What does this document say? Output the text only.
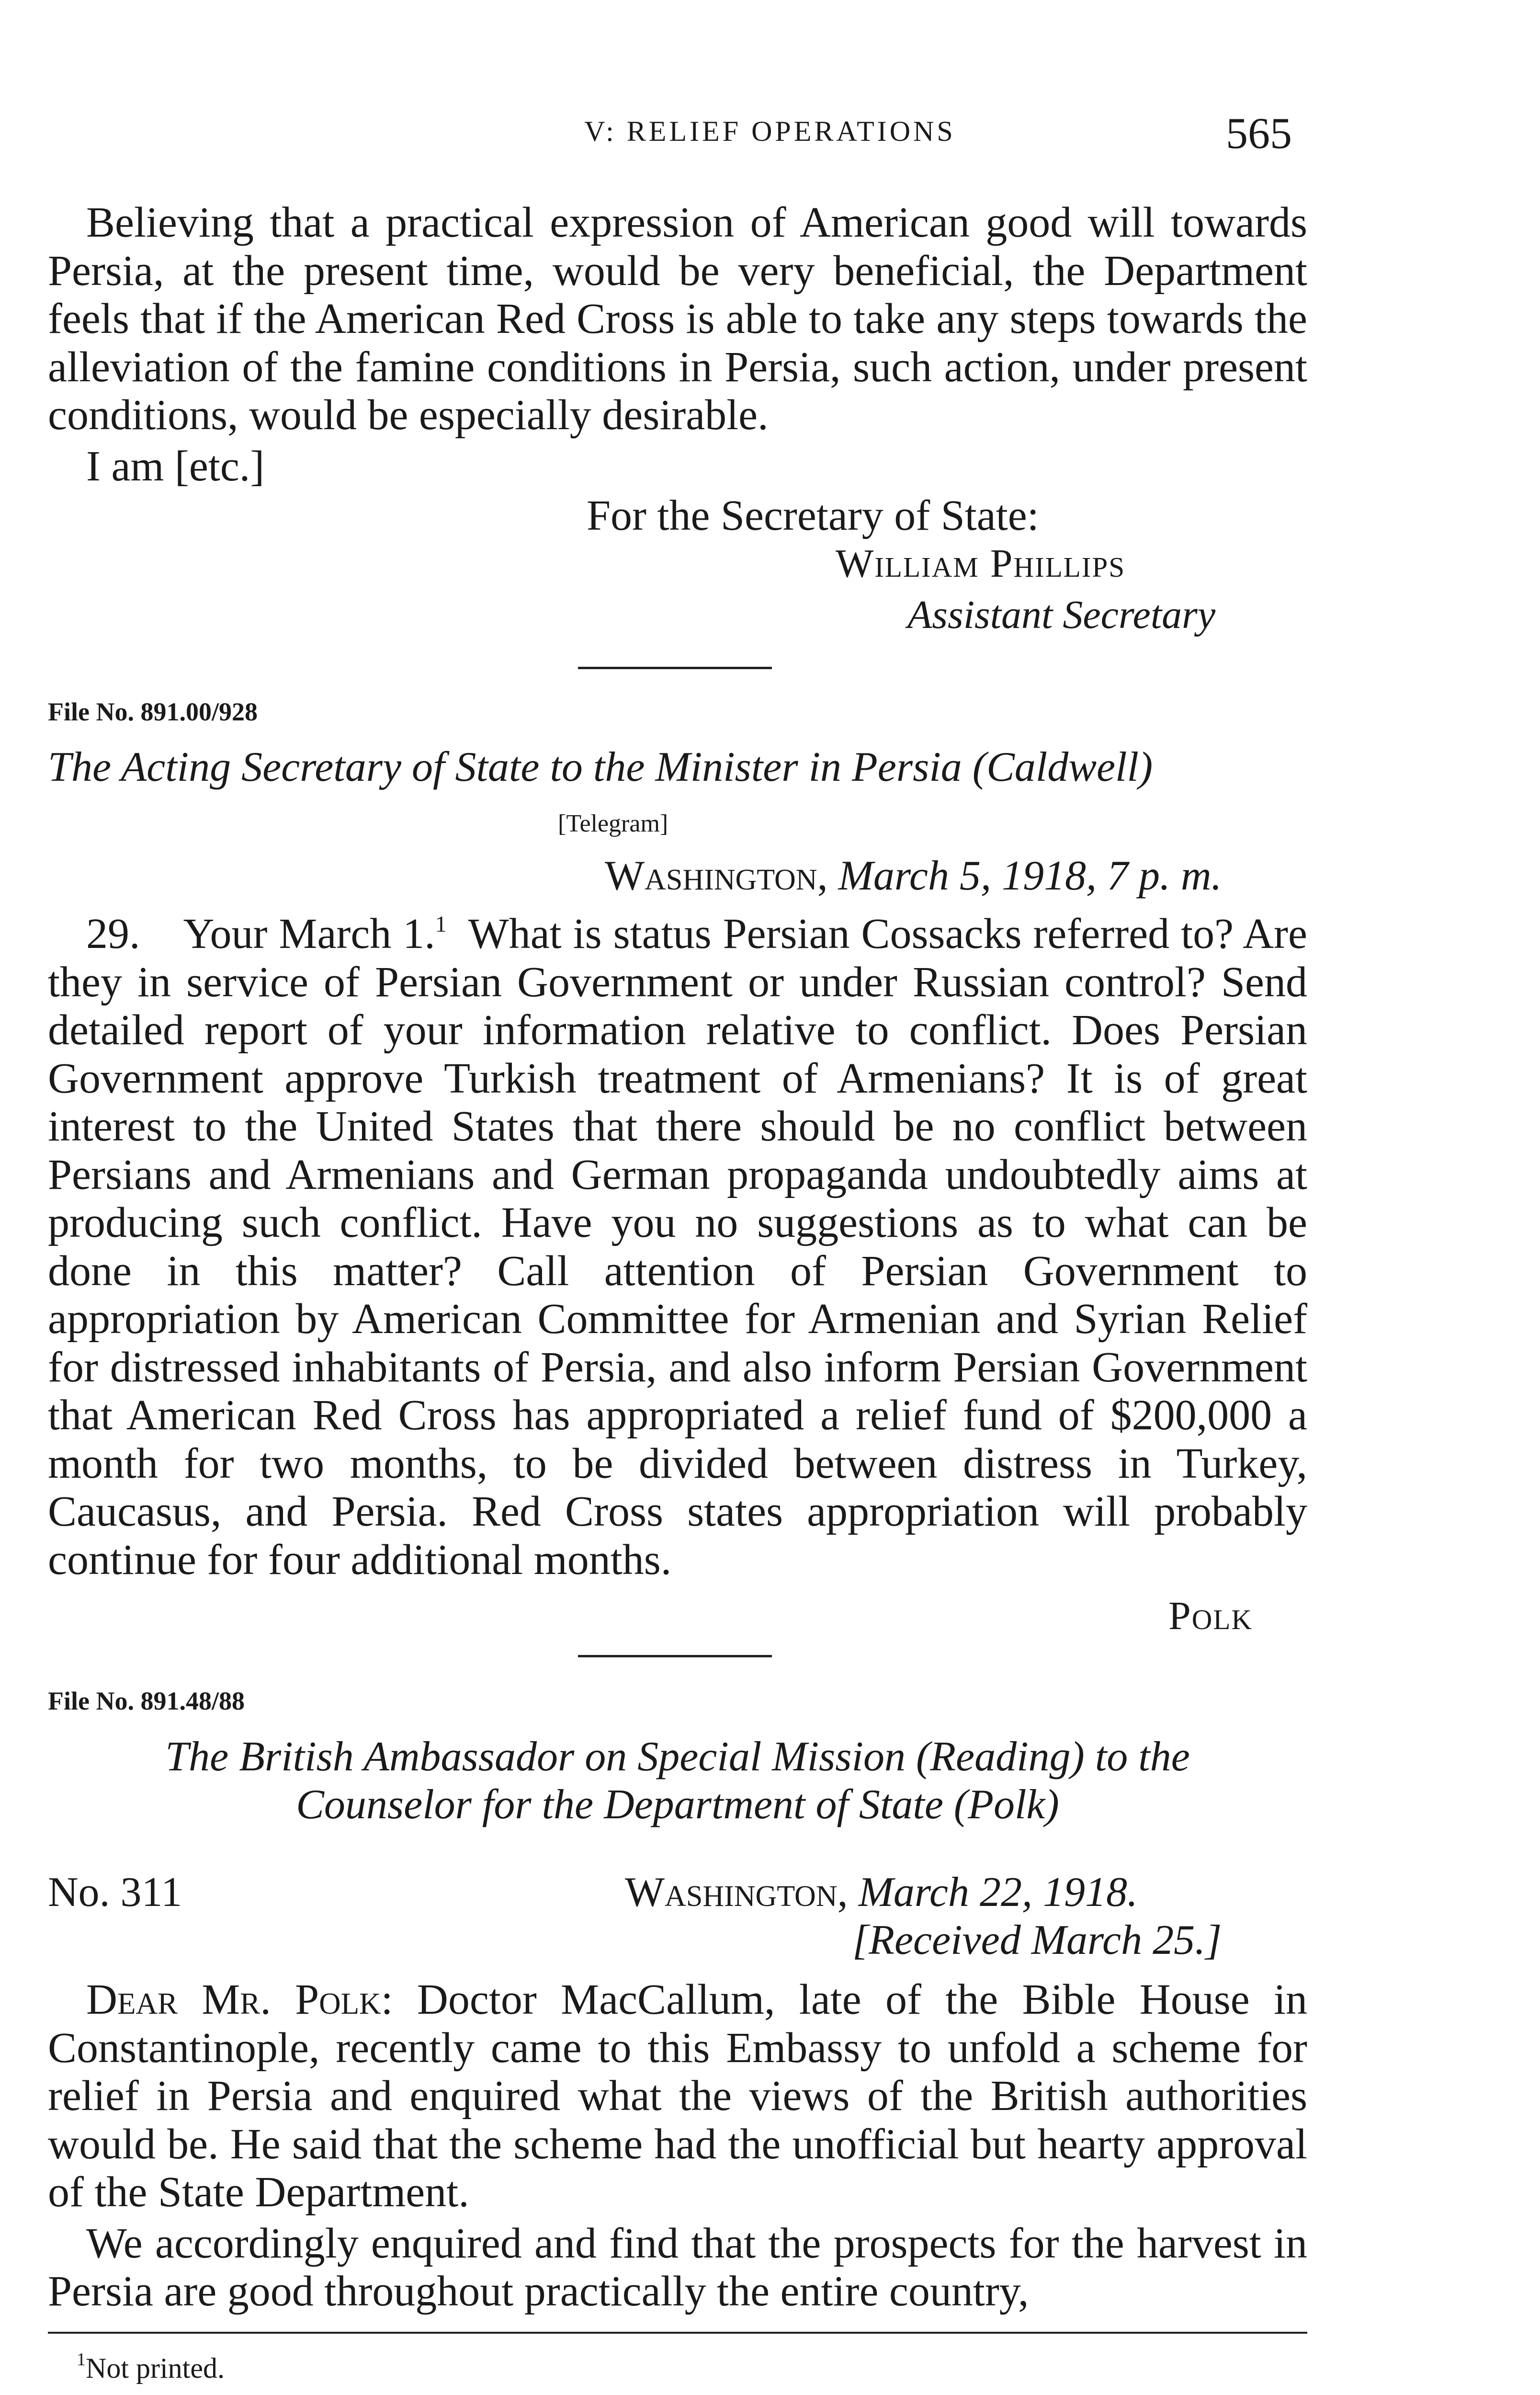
V: RELIEF OPERATIONS	565

Believing that a practical expression of American good will towards Persia, at the present time, would be very beneficial, the Department feels that if the American Red Cross is able to take any steps towards the alleviation of the famine conditions in Persia, such action, under present conditions, would be especially desirable.

I am [etc.]

For the Secretary of State:
William Phillips
Assistant Secretary
File No. 891.00/928
The Acting Secretary of State to the Minister in Persia (Caldwell)
[Telegram]
Washington, March 5, 1918, 7 p. m.

29.  Your March 1.$^1$  What is status Persian Cossacks referred to? Are they in service of Persian Government or under Russian control? Send detailed report of your information relative to conflict. Does Persian Government approve Turkish treatment of Armenians? It is of great interest to the United States that there should be no conflict between Persians and Armenians and German propaganda undoubtedly aims at producing such conflict. Have you no suggestions as to what can be done in this matter? Call attention of Persian Government to appropriation by American Committee for Armenian and Syrian Relief for distressed inhabitants of Persia, and also inform Persian Government that American Red Cross has appropriated a relief fund of $200,000 a month for two months, to be divided between distress in Turkey, Caucasus, and Persia. Red Cross states appropriation will probably continue for four additional months.

Polk
File No. 891.48/88
The British Ambassador on Special Mission (Reading) to the
Counselor for the Department of State (Polk)
No. 311	Washington, March 22, 1918.
[Received March 25.]

Dear Mr. Polk: Doctor MacCallum, late of the Bible House in Constantinople, recently came to this Embassy to unfold a scheme for relief in Persia and enquired what the views of the British authorities would be. He said that the scheme had the unofficial but hearty approval of the State Department.

We accordingly enquired and find that the prospects for the harvest in Persia are good throughout practically the entire country,

$^1$Not printed.
